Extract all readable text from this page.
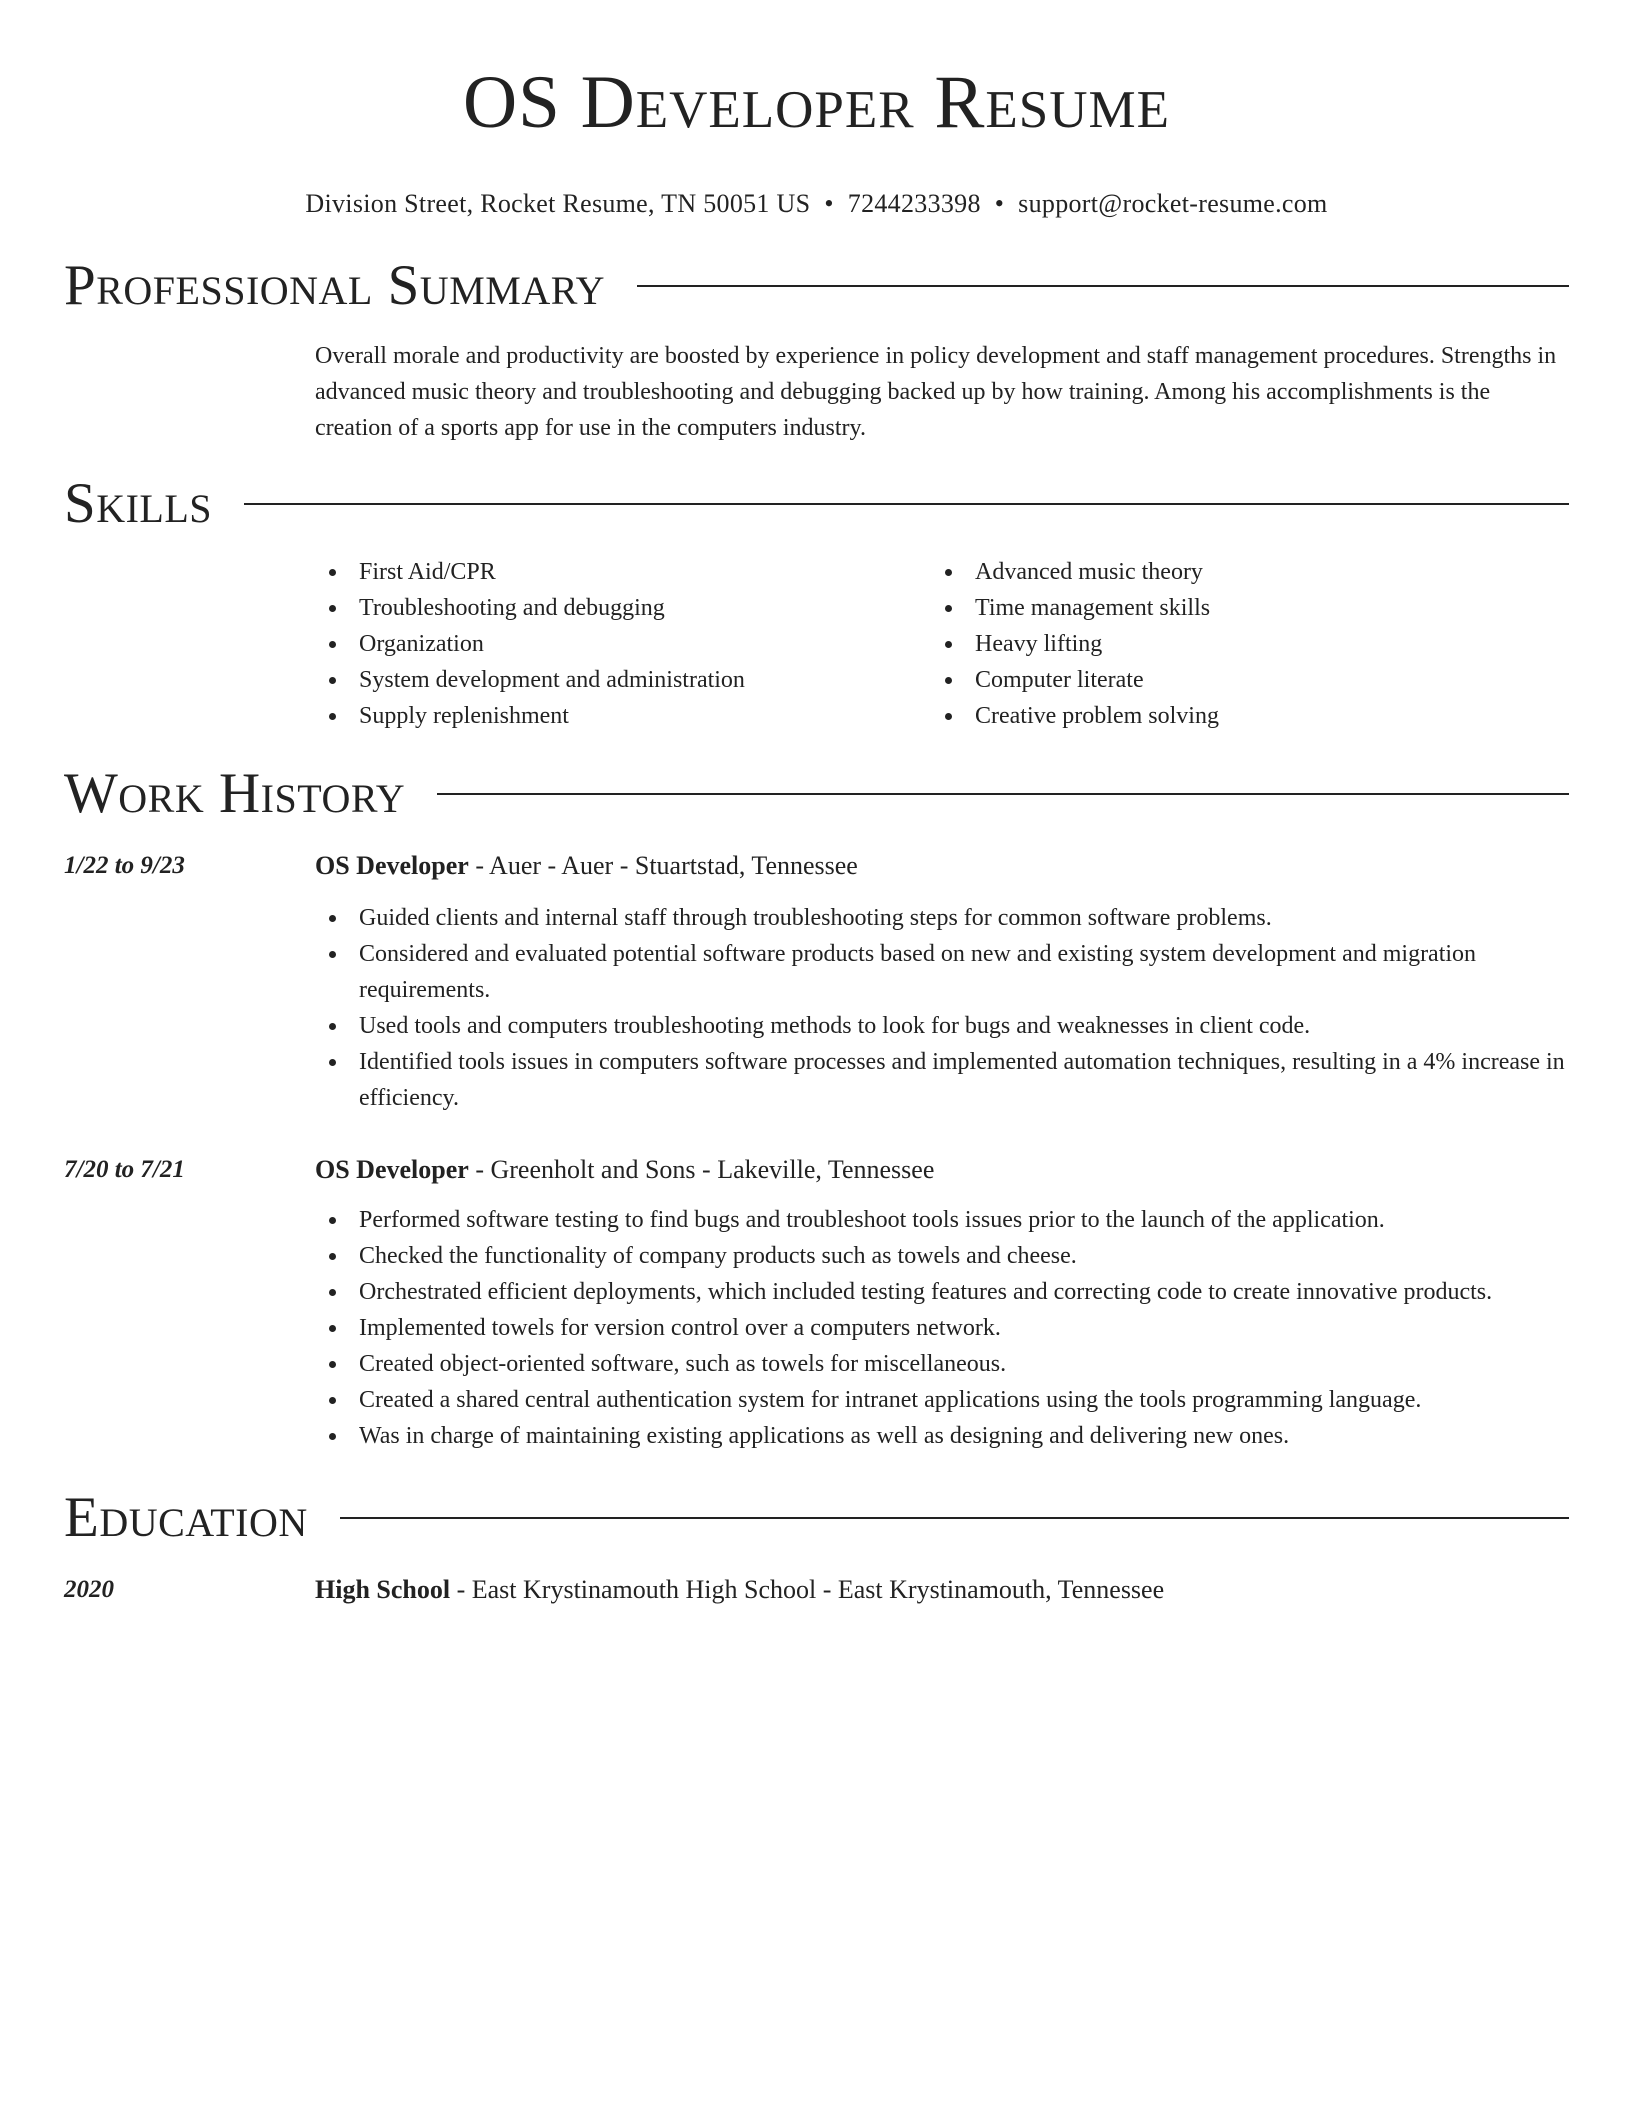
OS Developer Resume
Division Street, Rocket Resume, TN 50051 US • 7244233398 • support@rocket-resume.com
Professional Summary

Overall morale and productivity are boosted by experience in policy development and staff management procedures. Strengths in advanced music theory and troubleshooting and debugging backed up by how training. Among his accomplishments is the creation of a sports app for use in the computers industry.

Skills
First Aid/CPR
Troubleshooting and debugging
Organization
System development and administration
Supply replenishment
Advanced music theory
Time management skills
Heavy lifting
Computer literate
Creative problem solving
Work History
1/22 to 9/23	OS Developer - Auer - Auer - Stuartstad, Tennessee

Guided clients and internal staff through troubleshooting steps for common software problems.
Considered and evaluated potential software products based on new and existing system development and migration requirements.
Used tools and computers troubleshooting methods to look for bugs and weaknesses in client code.
Identified tools issues in computers software processes and implemented automation techniques, resulting in a 4% increase in efficiency.
7/20 to 7/21	OS Developer - Greenholt and Sons - Lakeville, Tennessee

Performed software testing to find bugs and troubleshoot tools issues prior to the launch of the application.
Checked the functionality of company products such as towels and cheese.
Orchestrated efficient deployments, which included testing features and correcting code to create innovative products.
Implemented towels for version control over a computers network.
Created object-oriented software, such as towels for miscellaneous.
Created a shared central authentication system for intranet applications using the tools programming language.
Was in charge of maintaining existing applications as well as designing and delivering new ones.
Education
2020	High School - East Krystinamouth High School - East Krystinamouth, Tennessee
